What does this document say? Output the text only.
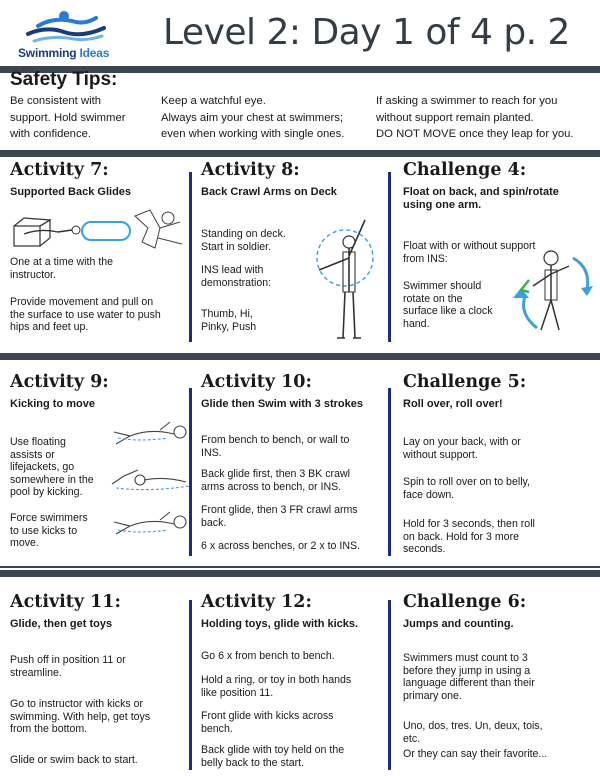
Swimming Ideas Level 2: Day 1 of 4 p. 2
Safety Tips:
Be consistent with
support. Hold swimmer
with confidence.
Keep a watchful eye.
Always aim your chest at swimmers;
even when working with single ones.
If asking a swimmer to reach for you
without support remain planted.
DO NOT MOVE once they leap for you.
Activity 7:
Supported Back Glides
One at a time with the
instructor.
Provide movement and pull on
the surface to use water to push
hips and feet up.
Activity 8:
Back Crawl Arms on Deck
Standing on deck.
Start in soldier.
INS lead with
demonstration:
Thumb, Hi,
Pinky, Push
Challenge 4:
Float on back, and spin/rotate
using one arm.
Float with or without support
from INS:
Swimmer should
rotate on the
surface like a clock
hand.
Activity 9:
Kicking to move
Use floating
assists or
lifejackets, go
somewhere in the
pool by kicking.
Force swimmers
to use kicks to
move.
Activity 10:
Glide then Swim with 3 strokes
From bench to bench, or wall to
INS.
Back glide first, then 3 BK crawl
arms across to bench, or INS.
Front glide, then 3 FR crawl arms
back.
6 x across benches, or 2 x to INS.
Challenge 5:
Roll over, roll over!
Lay on your back, with or
without support.
Spin to roll over on to belly,
face down.
Hold for 3 seconds, then roll
on back. Hold for 3 more
seconds.
Activity 11:
Glide, then get toys
Push off in position 11 or
streamline.
Go to instructor with kicks or
swimming. With help, get toys
from the bottom.
Glide or swim back to start.
Activity 12:
Holding toys, glide with kicks.
Go 6 x from bench to bench.
Hold a ring, or toy in both hands
like position 11.
Front glide with kicks across
bench.
Back glide with toy held on the
belly back to the start.
Challenge 6:
Jumps and counting.
Swimmers must count to 3
before they jump in using a
language different than their
primary one.
Uno, dos, tres. Un, deux, tois,
etc.
Or they can say their favorite...
